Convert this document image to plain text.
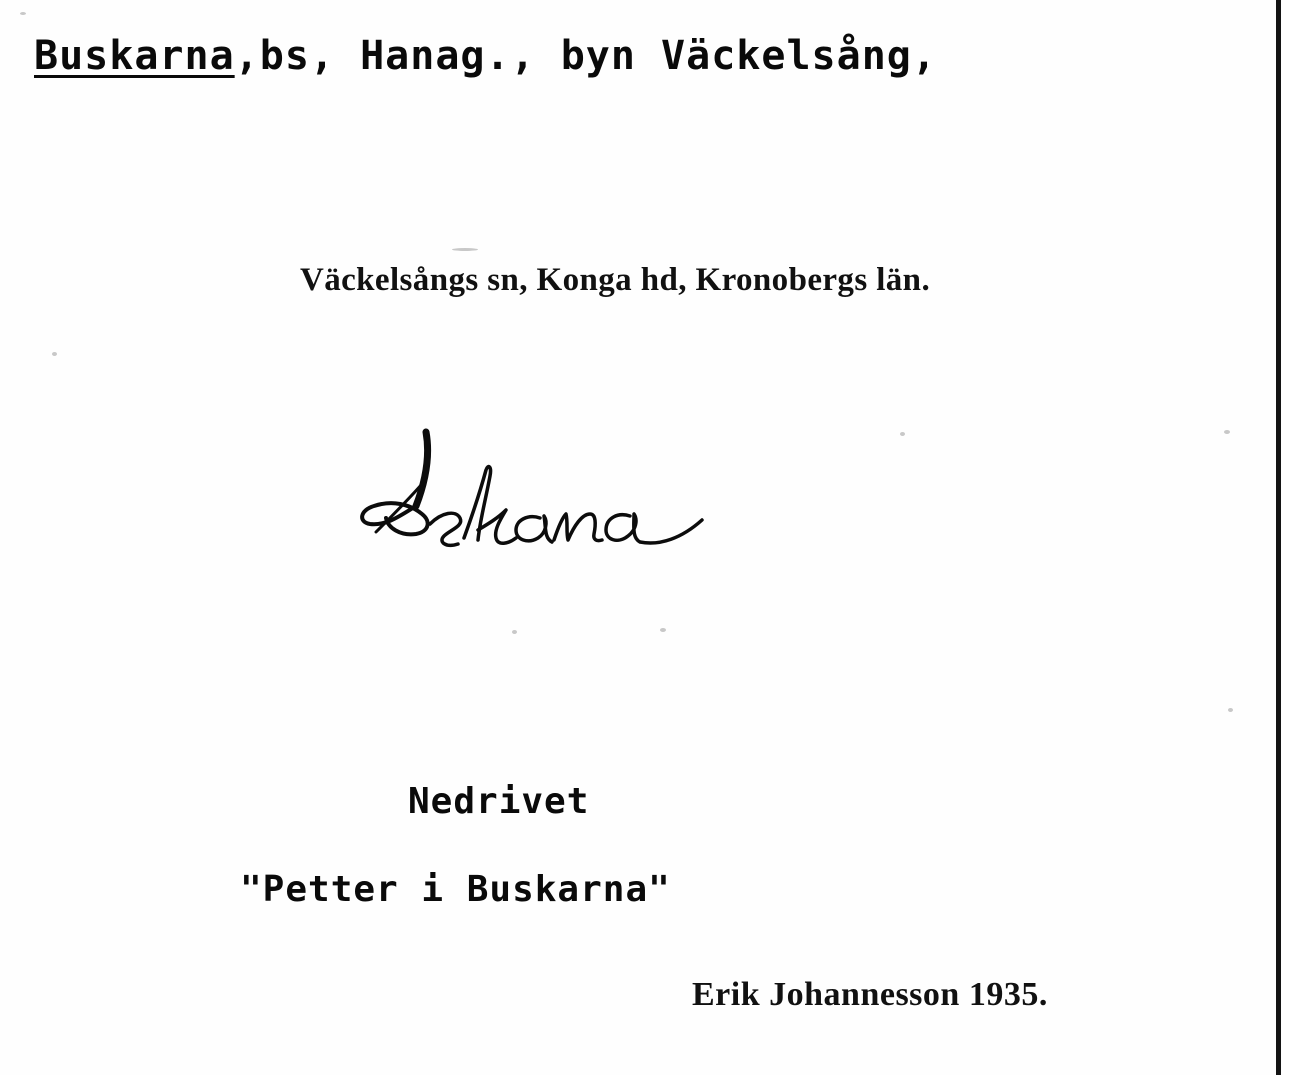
Buskarna,bs, Hanag., byn Väckelsång,
Väckelsångs sn, Konga hd, Kronobergs län.
Nedrivet
"Petter i Buskarna"
Erik Johannesson 1935.
